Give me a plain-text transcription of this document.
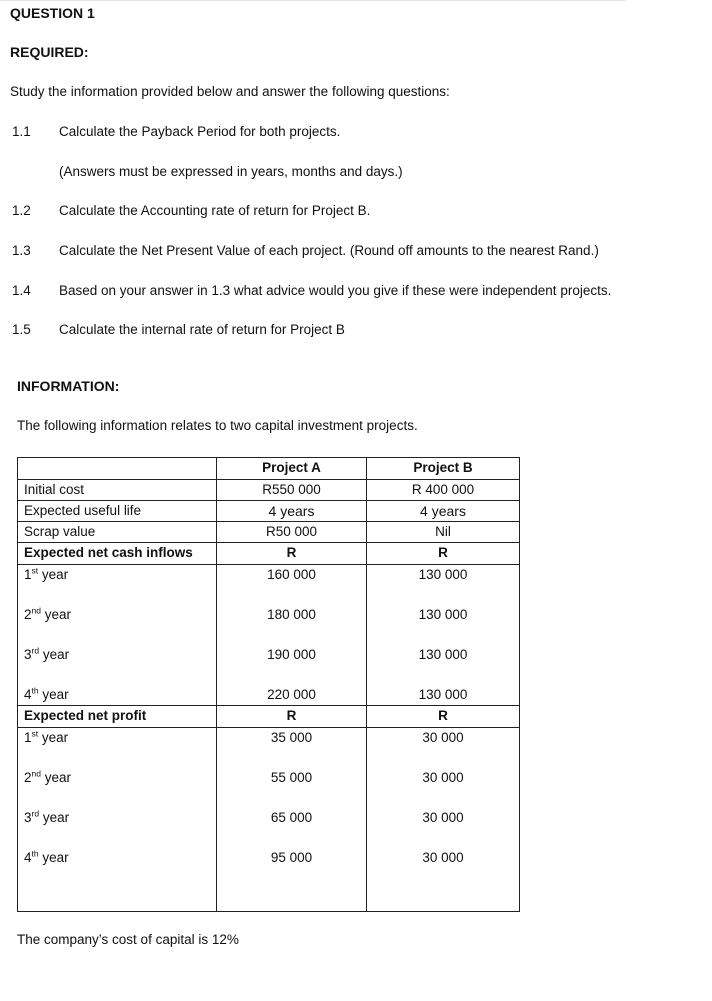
QUESTION 1
REQUIRED:
Study the information provided below and answer the following questions:
1.1 Calculate the Payback Period for both projects.
(Answers must be expressed in years, months and days.)
1.2 Calculate the Accounting rate of return for Project B.
1.3 Calculate the Net Present Value of each project. (Round off amounts to the nearest Rand.)
1.4 Based on your answer in 1.3 what advice would you give if these were independent projects.
1.5 Calculate the internal rate of return for Project B
INFORMATION:
The following information relates to two capital investment projects.

	Project A	Project B

Initial cost	R550 000	R 400 000
Expected useful life	4 years	4 years
Scrap value	R50 000	Nil
Expected net cash inflows	R	R
1st year	160 000	130 000
2nd year	180 000	130 000
3rd year	190 000	130 000
4th year	220 000	130 000
Expected net profit	R	R
1st year	35 000	30 000
2nd year	55 000	30 000
3rd year	65 000	30 000
4th year	95 000	30 000
The company’s cost of capital is 12%
